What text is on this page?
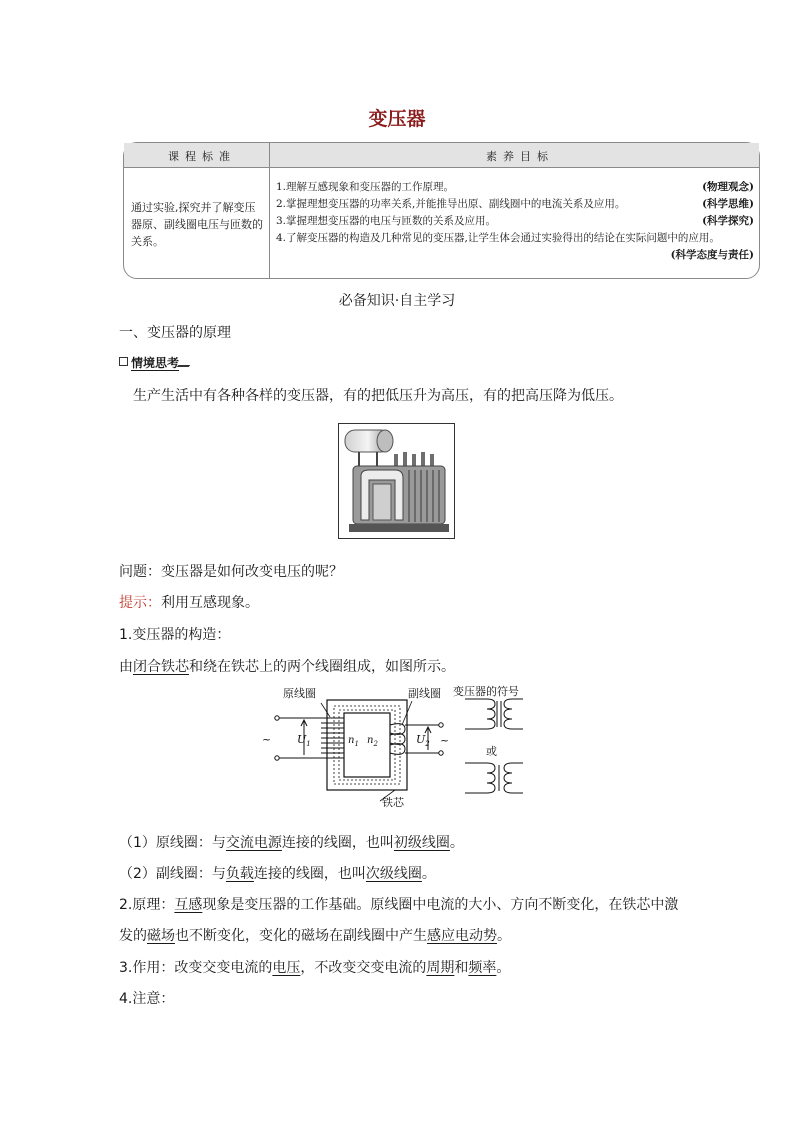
变压器
课程标准	素养目标
通过实验,探究并了解变压器原、副线圈电压与匝数的关系。
1.理解互感现象和变压器的工作原理。	(物理观念)
2.掌握理想变压器的功率关系,并能推导出原、副线圈中的电流关系及应用。	(科学思维)
3.掌握理想变压器的电压与匝数的关系及应用。	(科学探究)
4.了解变压器的构造及几种常见的变压器,让学生体会通过实验得出的结论在实际问题中的应用。
(科学态度与责任)
必备知识·自主学习
一、变压器的原理
情境思考
生产生活中有各种各样的变压器，有的把低压升为高压，有的把高压降为低压。
问题：变压器是如何改变电压的呢？
提示：利用互感现象。
1.变压器的构造：
由闭合铁芯和绕在铁芯上的两个线圈组成，如图所示。
原线圈	副线圈 变压器的符号
或
铁芯
~	~
$U_1$	$U_2$
$n_1$ $n_2$
（1）原线圈：与交流电源连接的线圈，也叫初级线圈。
（2）副线圈：与负载连接的线圈，也叫次级线圈。
2.原理：互感现象是变压器的工作基础。原线圈中电流的大小、方向不断变化，在铁芯中激
发的磁场也不断变化，变化的磁场在副线圈中产生感应电动势。
3.作用：改变交变电流的电压，不改变交变电流的周期和频率。
4.注意：
